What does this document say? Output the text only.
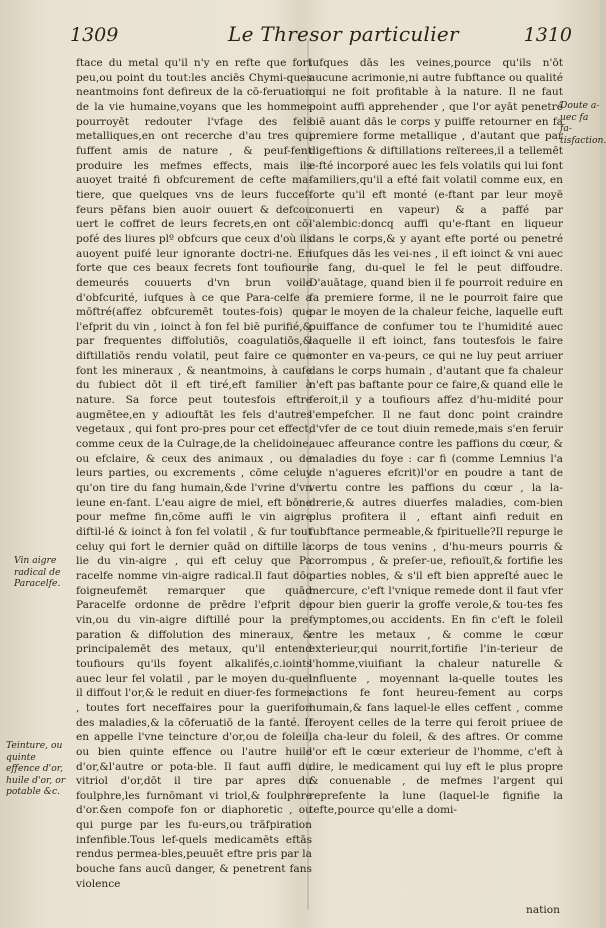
1309	Le Thresor particulier	1310

ftace du metal qu'il n'y en refte que fort peu,ou point du tout:les anciēs Chymi-ques neantmoins font defireux de la cō-feruation de la vie humaine,voyans que les hommes pourroyēt redouter l'vfage des fels metalliques,en ont recerche d'au tres qui fuffent amis de nature , & peuf-fent produire les mefmes effects, mais ils auoyet traité fi obfcurement de cefte ma-tiere, que quelques vns de leurs fucceſ-feurs pēfans bien auoir ouuert & defcou uert le coffret de leurs fecrets,en ont cō-pofé des liures plº obfcurs que ceux d'où ils auoyent puifé leur ignorante doctri-ne. En forte que ces beaux fecrets font toufiours demeurés couuerts d'vn brun voile d'obfcurité, iufques à ce que Para-celfe a mōftré(affez obfcuremēt toutes-fois) que l'efprit du vin , ioinct à fon fel biē purifié,& par frequentes diffolutiōs, coagulatiōs,& diftillatiōs rendu volatil, peut faire ce que font les mineraux , & neantmoins, à caufe du fubiect dōt il eft tiré,eft familier à nature. Sa force peut toutesfois eftre augmētee,en y adiouftāt les fels d'autres vegetaux , qui font pro-pres pour cet effect, comme ceux de la Culrage,de la chelidoine, ou efclaire, & ceux des animaux , ou de leurs parties, ou excrements , cōme celuy qu'on tire du fang humain,&de l'vrine d'vn ieune en-fant. L'eau aigre de miel, eft bōne pour mefme fin,cōme auffi le vin aigre diftil-lé & ioinct à fon fel volatil , & fur tout celuy qui fort le dernier quād on diftille la lie du vin-aigre , qui eft celuy que Pa racelfe nomme vin-aigre radical.Il faut dōc foigneufemēt remarquer que quād Paracelfe ordonne de prēdre l'efprit de vin,ou du vin-aigre diftillé pour la pre-paration & diffolution des mineraux, & principalemēt des metaux, qu'il entend toufiours qu'ils foyent alkalifés,c.ioints auec leur fel volatil , par le moyen du-quel il diffout l'or,& le reduit en diuer-fes formes , toutes fort neceffaires pour la guerifon des maladies,& la cōferuatiō de la fanté. Il en appelle l'vne teincture d'or,ou de foleil, ou bien quinte effence ou l'autre huile d'or,&l'autre or pota-ble. Il faut auffi du vitriol d'or,dōt il tire par apres du foulphre,les furnōmant vi triol,& foulphre d'or.&en compofe fon or diaphoretic , ou qui purge par les fu-eurs,ou trāfpiration infenfible.Tous lef-quels medicamēts eftās rendus permea-bles,peuuēt eftre pris par la bouche fans aucū danger, & penetrent fans violence

iufques dās les veines,pource qu'ils n'ōt aucune acrimonie,ni autre fubftance ou qualité qui ne foit profitable à la nature. Il ne faut point auffi apprehender , que l'or ayāt penetré biē auant dās le corps y puiffe retourner en fa premiere forme metallique , d'autant que par digeftions & diftillations reïterees,il a tellemēt e-fté incorporé auec les fels volatils qui lui font familiers,qu'il a efté fait volatil comme eux, en forte qu'il eft monté (e-ftant par leur moyē conuerti en vapeur) & a paffé par l'alembic:doncq auffi qu'e-ftant en liqueur dans le corps,& y ayant efte porté ou penetré iufques dās les vei-nes , il eft ioinct & vni auec le fang, du-quel le fel le peut diffoudre. D'auātage, quand bien il fe pourroit reduire en fa premiere forme, il ne le pourroit faire que par le moyen de la chaleur feiche, laquelle euft puiffance de confumer tou te l'humidité auec laquelle il eft ioinct, fans toutesfois le faire monter en va-peurs, ce qui ne luy peut arriuer dans le corps humain , d'autant que fa chaleur n'eft pas baftante pour ce faire,& quand elle le feroit,il y a toufiours affez d'hu-midité pour l'empefcher. Il ne faut donc point craindre d'vfer de ce tout diuin remede,mais s'en feruir auec affeurance contre les paffions du cœur, & maladies du foye : car fi (comme Lemnius l'a de n'agueres efcrit)l'or en poudre a tant de vertu contre les paffions du cœur , la la-drerie,& autres diuerfes maladies, com-bien plus profitera il , eftant ainfi reduit en fubftance permeable,& fpirituelle?Il repurge le corps de tous venins , d'hu-meurs pourris & corrompus , & preſer-ue, refiouït,& fortifie les parties nobles, & s'il eft bien appreſté auec le mercure, c'eft l'vnique remede dont il faut vfer pour bien guerir la groffe verole,& tou-tes fes fymptomes,ou accidents. En fin c'eft le foleil entre les metaux , & comme le cœur exterieur,qui nourrit,fortifie l'in-terieur de l'homme,viuifiant la chaleur naturelle & influente , moyennant la-quelle toutes les actions fe font heureu-fement au corps humain,& fans laquel-le elles ceffent , comme feroyent celles de la terre qui feroit priuee de la cha-leur du foleil, & des aftres. Or comme l'or eft le cœur exterieur de l'homme, c'eft à dire, le medicament qui luy eft le plus propre & conuenable , de mefmes l'argent qui reprefente la lune (laquel-le fignifie la tefte,pource qu'elle a domi-

Vin aigre radical de Paracelfe.
Teinture, ou quinte effence d'or, huile d'or, or potable &c.
Doute a-uec fa fa-tisfaction.
nation
